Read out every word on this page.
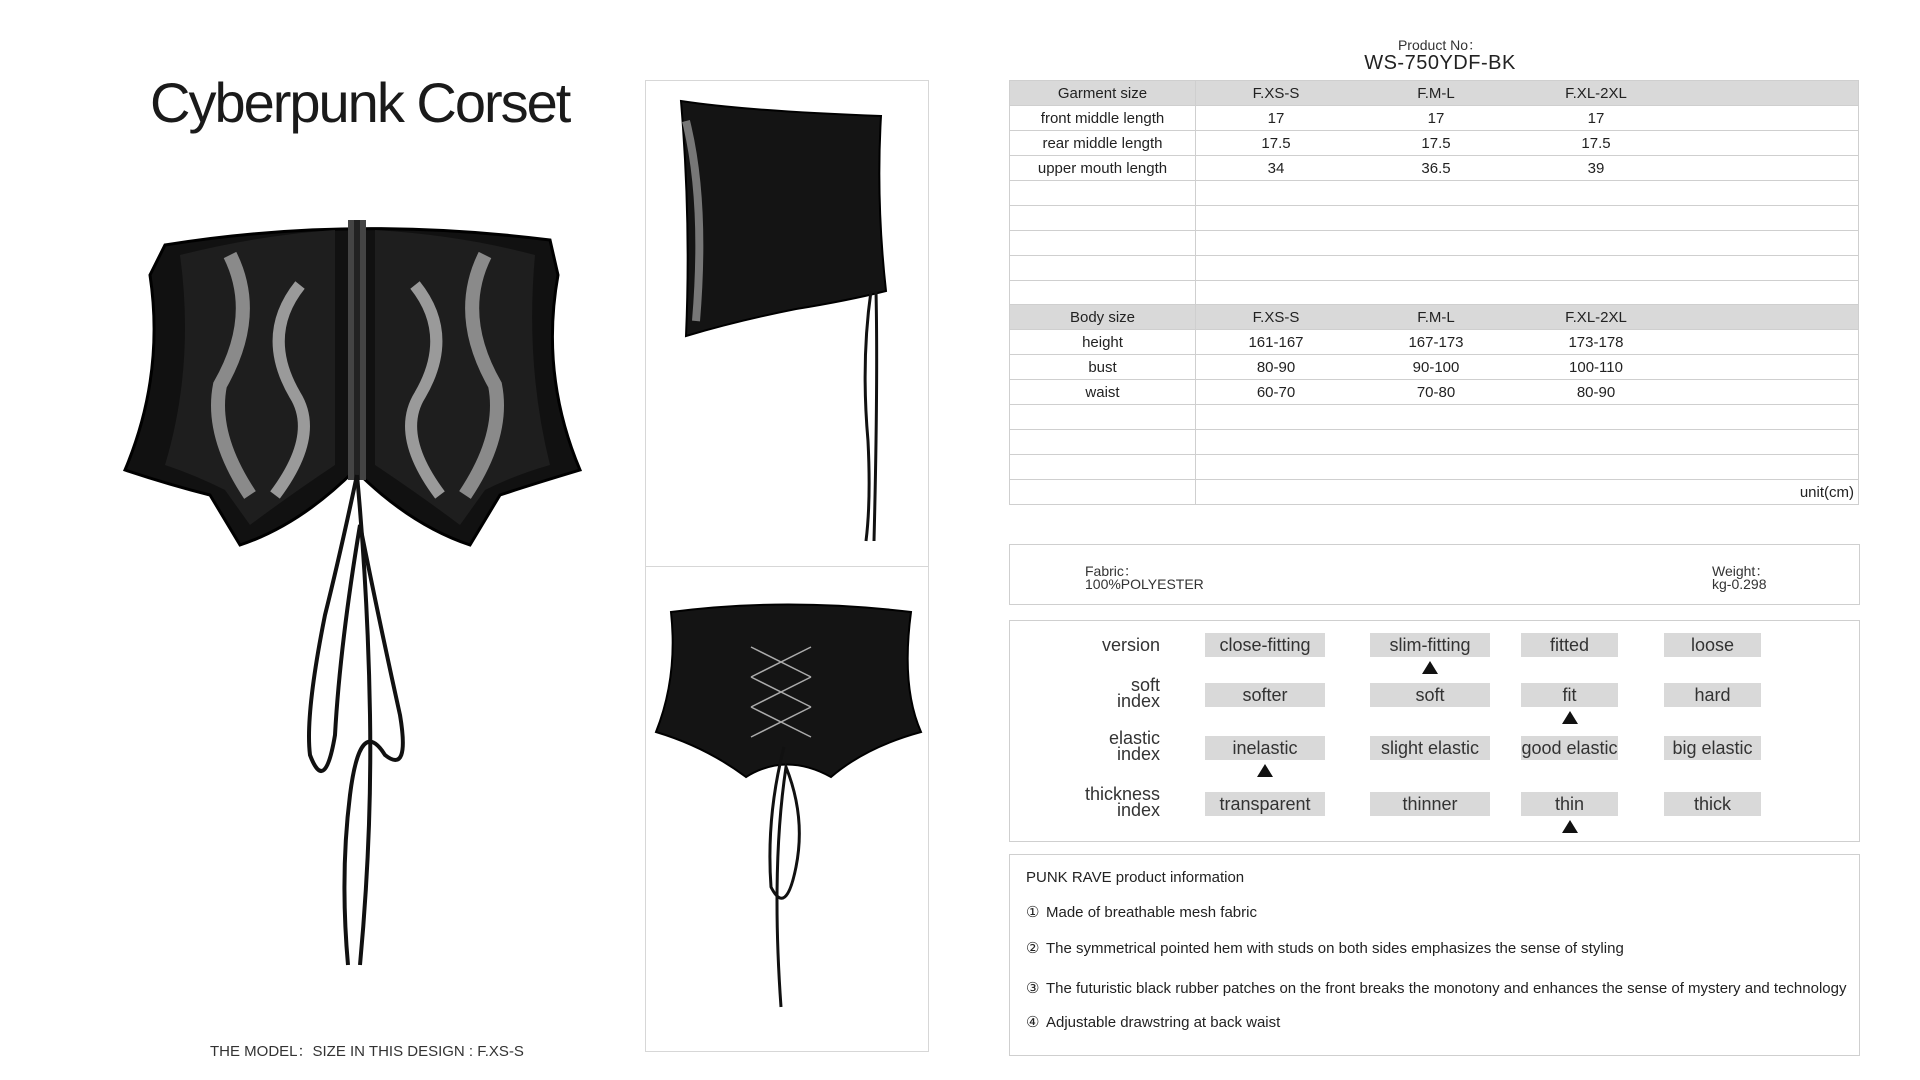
Cyberpunk Corset
THE MODEL：SIZE IN THIS DESIGN : F.XS-S
Product No：
WS-750YDF-BK
Garment size	F.XS-S	F.M-L	F.XL-2XL	
front middle length	17	17	17	
rear middle length	17.5	17.5	17.5	
upper mouth length	34	36.5	39	

Body size	F.XS-S	F.M-L	F.XL-2XL	
height	161-167	167-173	173-178	
bust	80-90	90-100	100-110	
waist	60-70	70-80	80-90	

	unit(cm)			
Fabric：
100%POLYESTER
Weight：
kg-0.298
version	close-fitting	slim-fitting	fitted	loose
soft
index	softer	soft	fit	hard
elastic
index	inelastic	slight elastic	good elastic	big elastic
thickness
index	transparent	thinner	thin	thick
PUNK RAVE product information
① Made of breathable mesh fabric
② The symmetrical pointed hem with studs on both sides emphasizes the sense of styling
③ The futuristic black rubber patches on the front breaks the monotony and enhances the sense of mystery and technology
④ Adjustable drawstring at back waist
